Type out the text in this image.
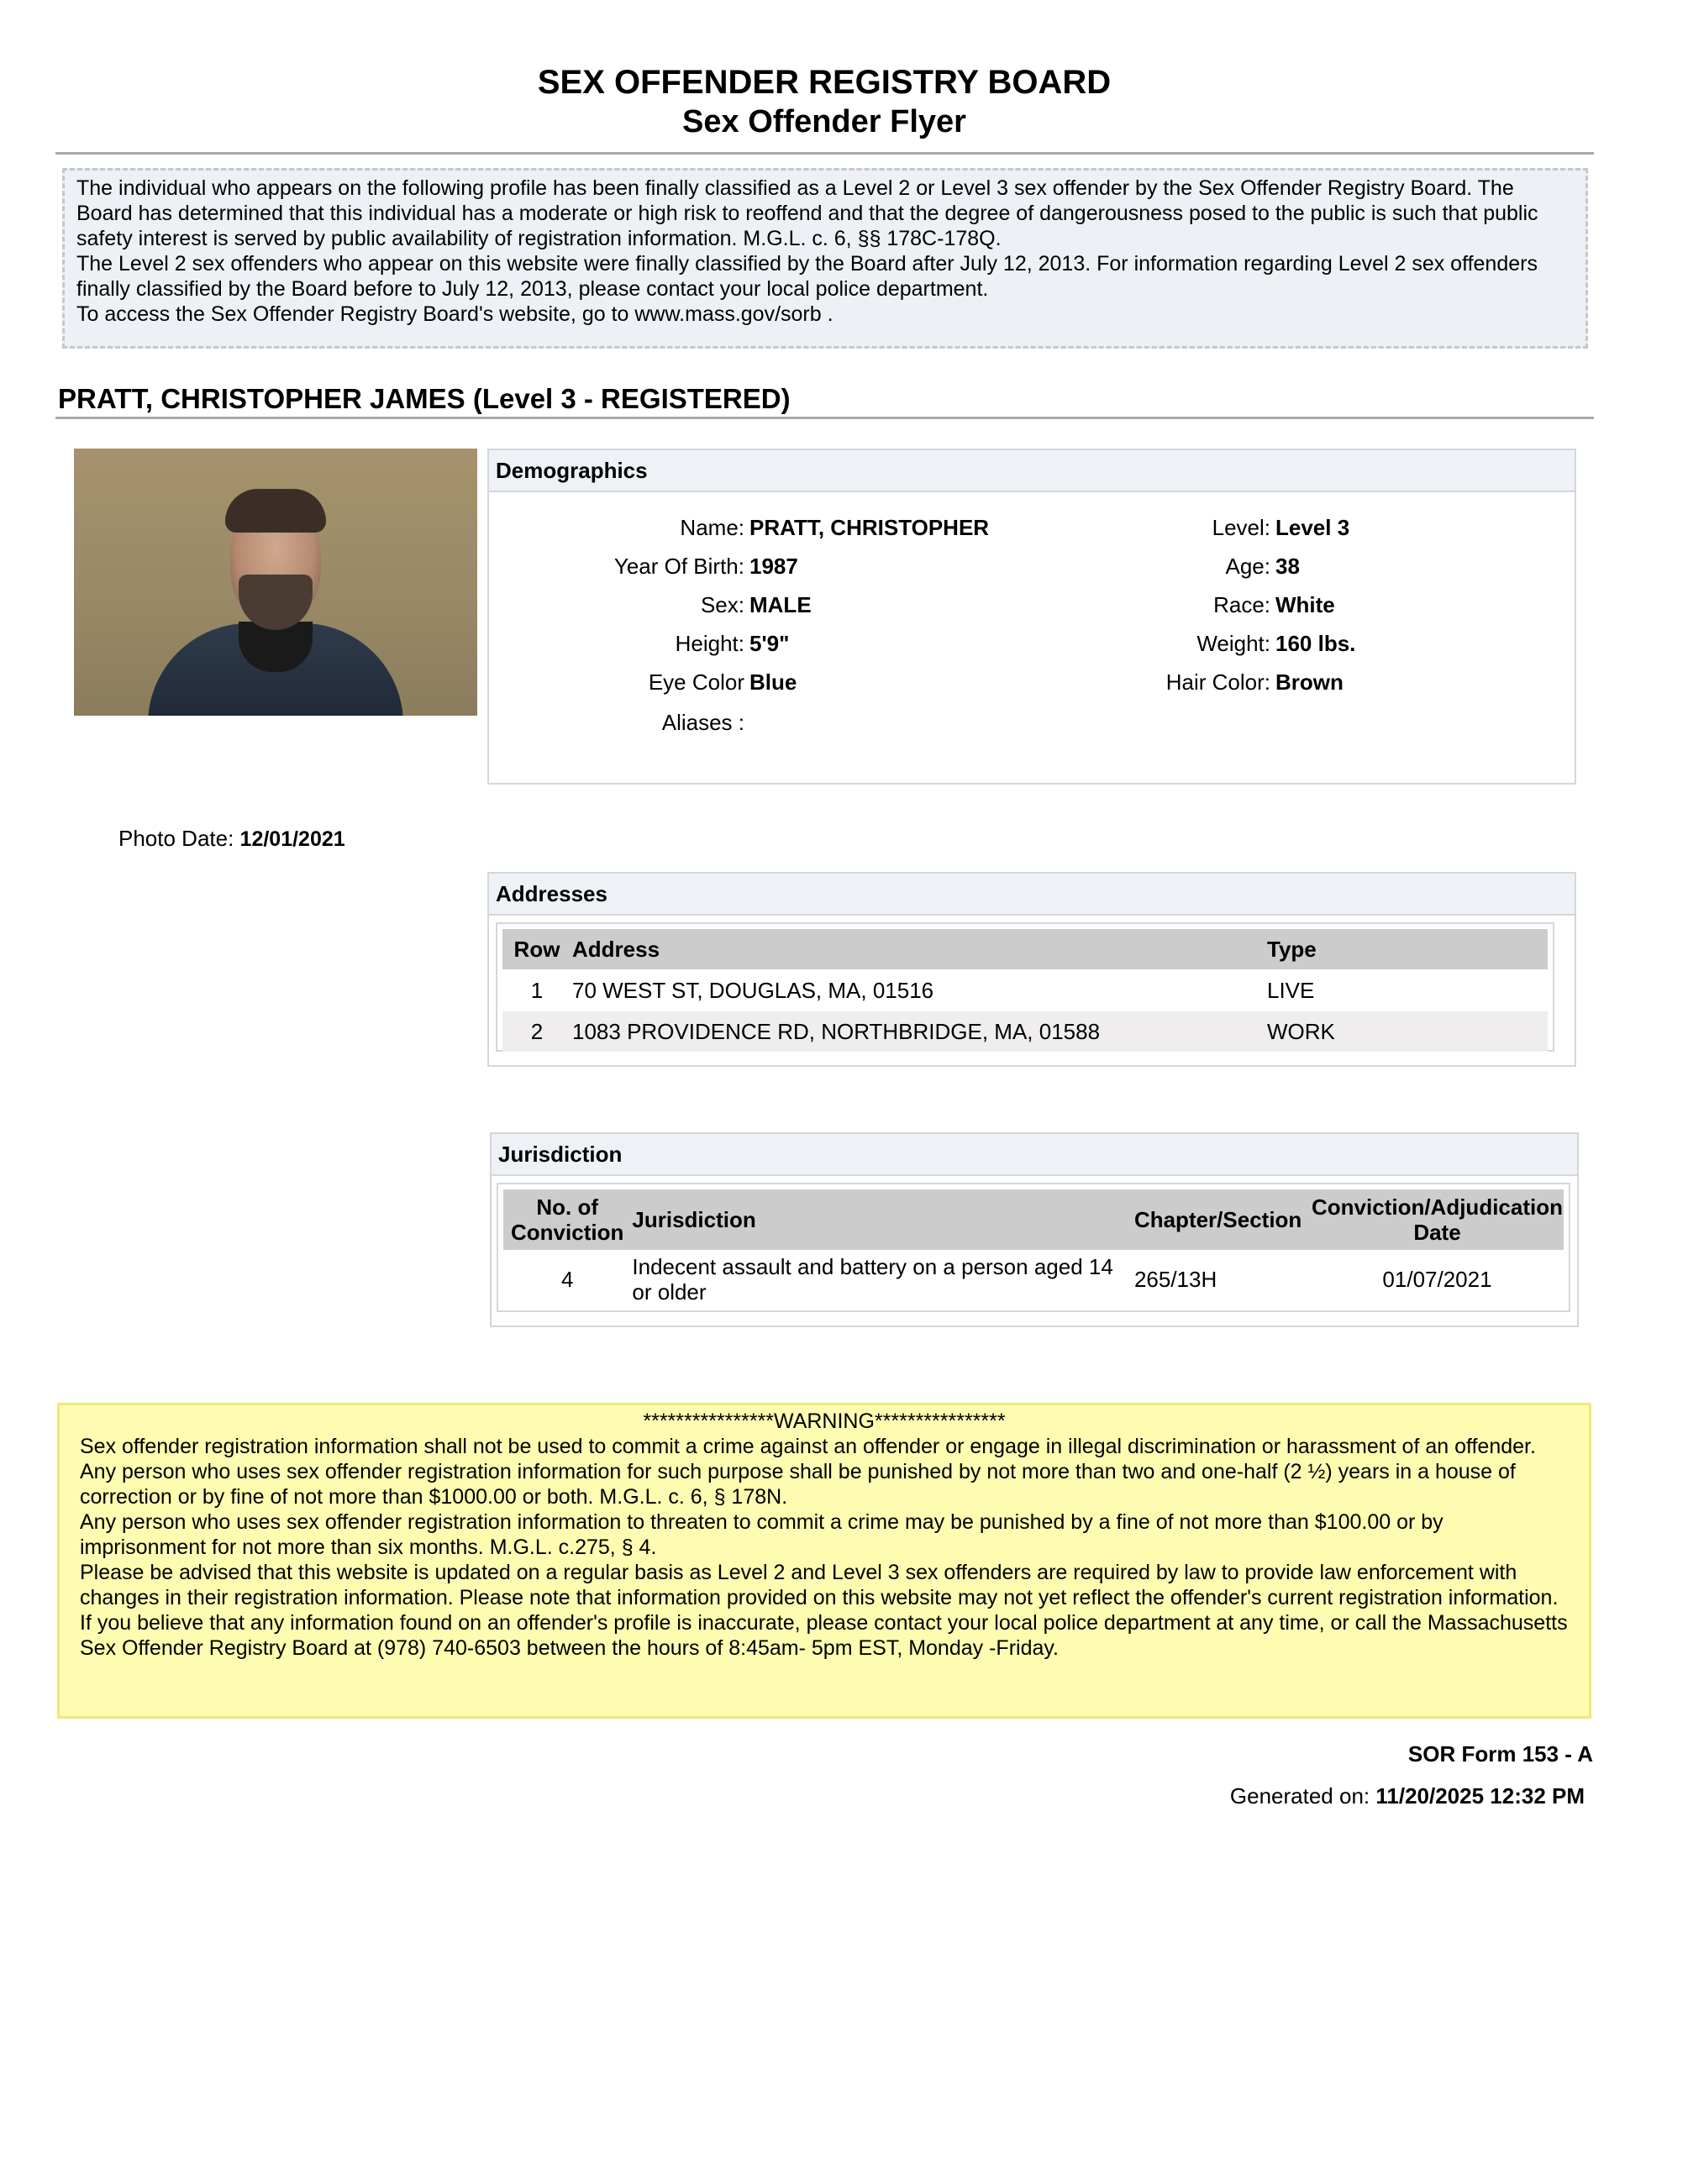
SEX OFFENDER REGISTRY BOARD
Sex Offender Flyer

The individual who appears on the following profile has been finally classified as a Level 2 or Level 3 sex offender by the Sex Offender Registry Board. The Board has determined that this individual has a moderate or high risk to reoffend and that the degree of dangerousness posed to the public is such that public safety interest is served by public availability of registration information. M.G.L. c. 6, §§ 178C-178Q.

The Level 2 sex offenders who appear on this website were finally classified by the Board after July 12, 2013. For information regarding Level 2 sex offenders finally classified by the Board before to July 12, 2013, please contact your local police department.

To access the Sex Offender Registry Board's website, go to www.mass.gov/sorb .

PRATT, CHRISTOPHER JAMES (Level 3 - REGISTERED)
Photo Date: 12/01/2021
Demographics
Name: PRATT, CHRISTOPHER
Year Of Birth: 1987
Sex: MALE
Height: 5'9"
Eye Color Blue
Aliases :
Level: Level 3
Age: 38
Race: White
Weight: 160 lbs.
Hair Color: Brown
Addresses
Row	Address	Type
1	70 WEST ST, DOUGLAS, MA, 01516	LIVE
2	1083 PROVIDENCE RD, NORTHBRIDGE, MA, 01588	WORK
Jurisdiction
No. of Conviction	Jurisdiction	Chapter/Section	Conviction/Adjudication Date
4	Indecent assault and battery on a person aged 14 or older	265/13H	01/07/2021

****************WARNING****************

Sex offender registration information shall not be used to commit a crime against an offender or engage in illegal discrimination or harassment of an offender. Any person who uses sex offender registration information for such purpose shall be punished by not more than two and one-half (2 ½) years in a house of correction or by fine of not more than $1000.00 or both. M.G.L. c. 6, § 178N.

Any person who uses sex offender registration information to threaten to commit a crime may be punished by a fine of not more than $100.00 or by imprisonment for not more than six months. M.G.L. c.275, § 4.

Please be advised that this website is updated on a regular basis as Level 2 and Level 3 sex offenders are required by law to provide law enforcement with changes in their registration information. Please note that information provided on this website may not yet reflect the offender's current registration information. If you believe that any information found on an offender's profile is inaccurate, please contact your local police department at any time, or call the Massachusetts Sex Offender Registry Board at (978) 740-6503 between the hours of 8:45am- 5pm EST, Monday -Friday.

SOR Form 153 - A
Generated on: 11/20/2025 12:32 PM
